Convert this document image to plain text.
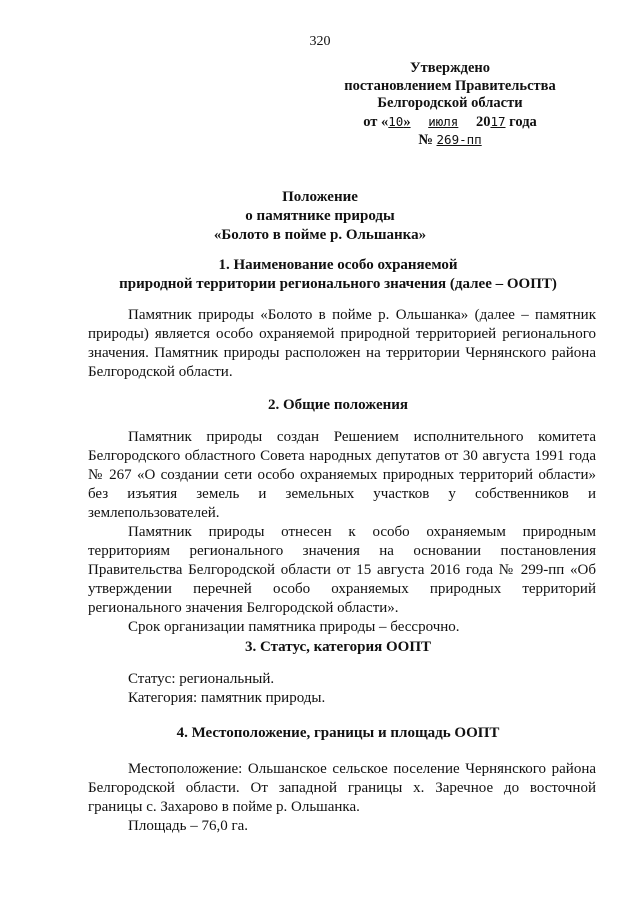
320
Утверждено
постановлением Правительства
Белгородской области
от «10» июля 2017 года
№ 269-пп
Положение
о памятнике природы
«Болото в пойме р. Ольшанка»
1. Наименование особо охраняемой
природной территории регионального значения (далее – ООПТ)

Памятник природы «Болото в пойме р. Ольшанка» (далее – памятник природы) является особо охраняемой природной территорией регионального значения. Памятник природы расположен на территории Чернянского района Белгородской области.

2. Общие положения

Памятник природы создан Решением исполнительного комитета Белгородского областного Совета народных депутатов от 30 августа 1991 года № 267 «О создании сети особо охраняемых природных территорий области» без изъятия земель и земельных участков у собственников и землепользователей.

Памятник природы отнесен к особо охраняемым природным территориям регионального значения на основании постановления Правительства Белгородской области от 15 августа 2016 года № 299-пп «Об утверждении перечней особо охраняемых природных территорий регионального значения Белгородской области».

Срок организации памятника природы – бессрочно.

3. Статус, категория ООПТ

Статус: региональный.

Категория: памятник природы.

4. Местоположение, границы и площадь ООПТ

Местоположение: Ольшанское сельское поселение Чернянского района Белгородской области. От западной границы х. Заречное до восточной границы с. Захарово в пойме р. Ольшанка.

Площадь – 76,0 га.
